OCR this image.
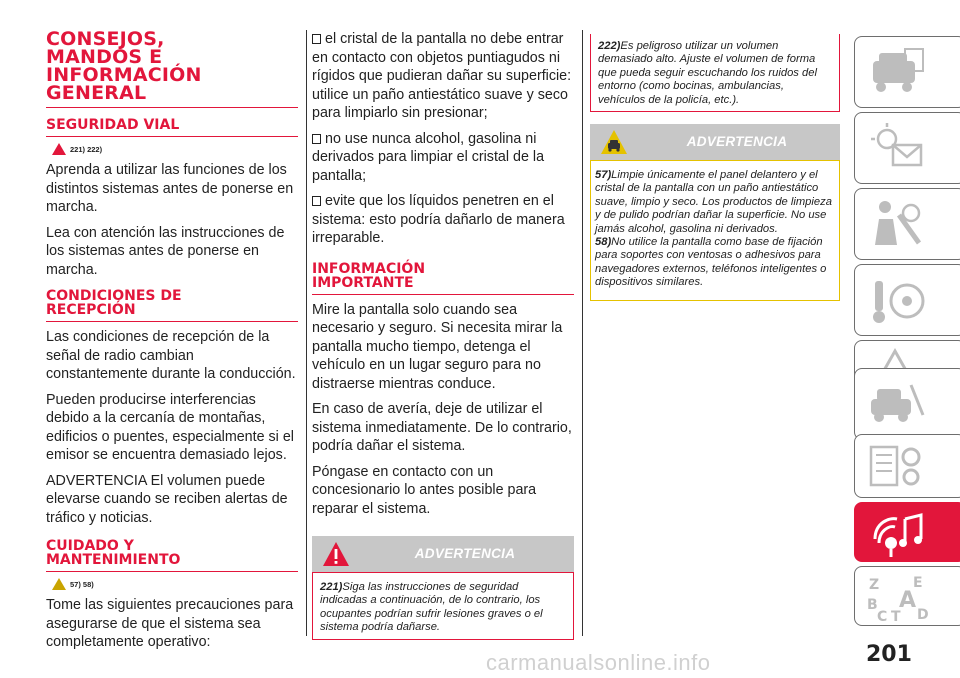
CONSEJOS,
MANDOS E
INFORMACIÓN
GENERAL
SEGURIDAD VIAL
221) 222)

Aprenda a utilizar las funciones de los distintos sistemas antes de ponerse en marcha.

Lea con atención las instrucciones de los sistemas antes de ponerse en marcha.

CONDICIONES DE
RECEPCIÓN

Las condiciones de recepción de la señal de radio cambian constantemente durante la conducción.

Pueden producirse interferencias debido a la cercanía de montañas, edificios o puentes, especialmente si el emisor se encuentra demasiado lejos.

ADVERTENCIA El volumen puede elevarse cuando se reciben alertas de tráfico y noticias.

CUIDADO Y
MANTENIMIENTO
57) 58)

Tome las siguientes precauciones para asegurarse de que el sistema sea completamente operativo:

el cristal de la pantalla no debe entrar en contacto con objetos puntiagudos ni rígidos que pudieran dañar su superficie: utilice un paño antiestático suave y seco para limpiarlo sin presionar;

no use nunca alcohol, gasolina ni derivados para limpiar el cristal de la pantalla;

evite que los líquidos penetren en el sistema: esto podría dañarlo de manera irreparable.

INFORMACIÓN
IMPORTANTE

Mire la pantalla solo cuando sea necesario y seguro. Si necesita mirar la pantalla mucho tiempo, detenga el vehículo en un lugar seguro para no distraerse mientras conduce.

En caso de avería, deje de utilizar el sistema inmediatamente. De lo contrario, podría dañar el sistema.

Póngase en contacto con un concesionario lo antes posible para reparar el sistema.

ADVERTENCIA

221)Siga las instrucciones de seguridad indicadas a continuación, de lo contrario, los ocupantes podrían sufrir lesiones graves o el sistema podría dañarse.

222)Es peligroso utilizar un volumen demasiado alto. Ajuste el volumen de forma que pueda seguir escuchando los ruidos del entorno (como bocinas, ambulancias, vehículos de la policía, etc.).

ADVERTENCIA

57)Limpie únicamente el panel delantero y el cristal de la pantalla con un paño antiestático suave, limpio y seco. Los productos de limpieza y de pulido podrían dañar la superficie. No use jamás alcohol, gasolina ni derivados.

58)No utilice la pantalla como base de fijación para soportes con ventosas o adhesivos para navegadores externos, teléfonos inteligentes o dispositivos similares.

Z E
B A
C T D
201
carmanualsonline.info
